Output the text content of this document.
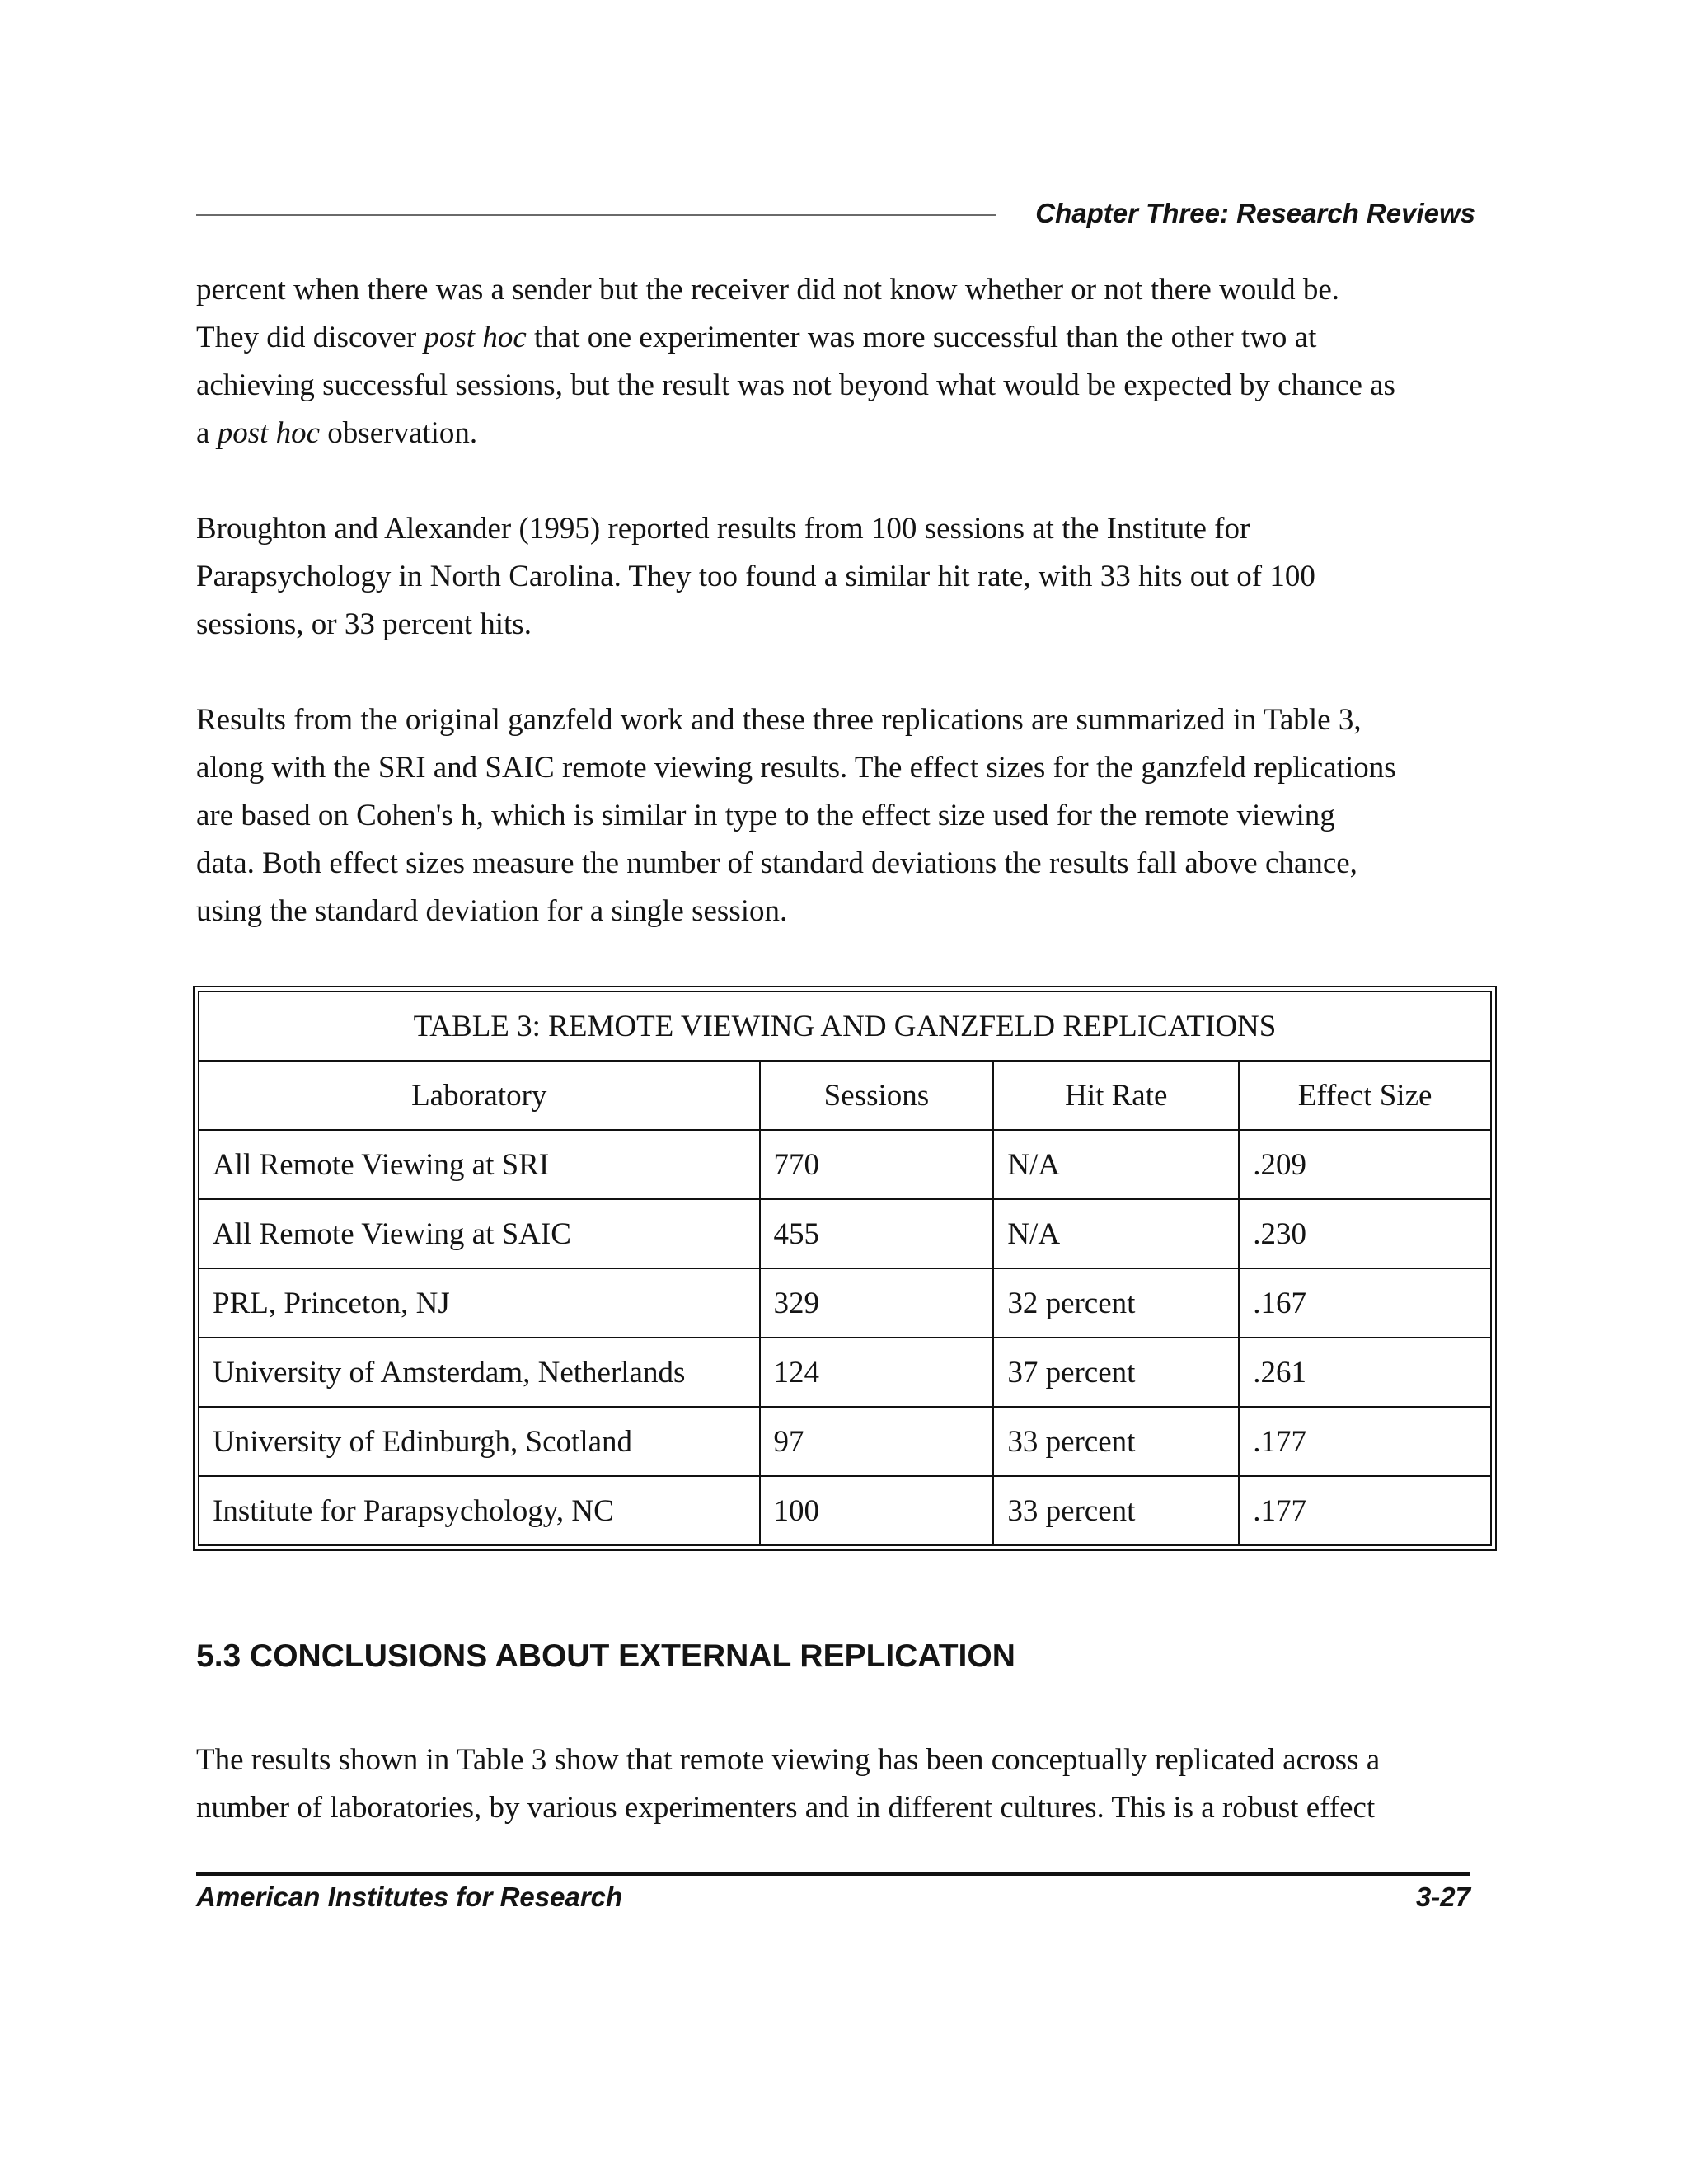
Chapter Three: Research Reviews

percent when there was a sender but the receiver did not know whether or not there would be.
They did discover post hoc that one experimenter was more successful than the other two at
achieving successful sessions, but the result was not beyond what would be expected by chance as
a post hoc observation.

Broughton and Alexander (1995) reported results from 100 sessions at the Institute for
Parapsychology in North Carolina. They too found a similar hit rate, with 33 hits out of 100
sessions, or 33 percent hits.

Results from the original ganzfeld work and these three replications are summarized in Table 3,
along with the SRI and SAIC remote viewing results. The effect sizes for the ganzfeld replications
are based on Cohen's h, which is similar in type to the effect size used for the remote viewing
data. Both effect sizes measure the number of standard deviations the results fall above chance,
using the standard deviation for a single session.

TABLE 3: REMOTE VIEWING AND GANZFELD REPLICATIONS			
Laboratory	Sessions	Hit Rate	Effect Size
All Remote Viewing at SRI	770	N/A	.209
All Remote Viewing at SAIC	455	N/A	.230
PRL, Princeton, NJ	329	32 percent	.167
University of Amsterdam, Netherlands	124	37 percent	.261
University of Edinburgh, Scotland	97	33 percent	.177
Institute for Parapsychology, NC	100	33 percent	.177
5.3 CONCLUSIONS ABOUT EXTERNAL REPLICATION

The results shown in Table 3 show that remote viewing has been conceptually replicated across a
number of laboratories, by various experimenters and in different cultures. This is a robust effect

American Institutes for Research	3-27
